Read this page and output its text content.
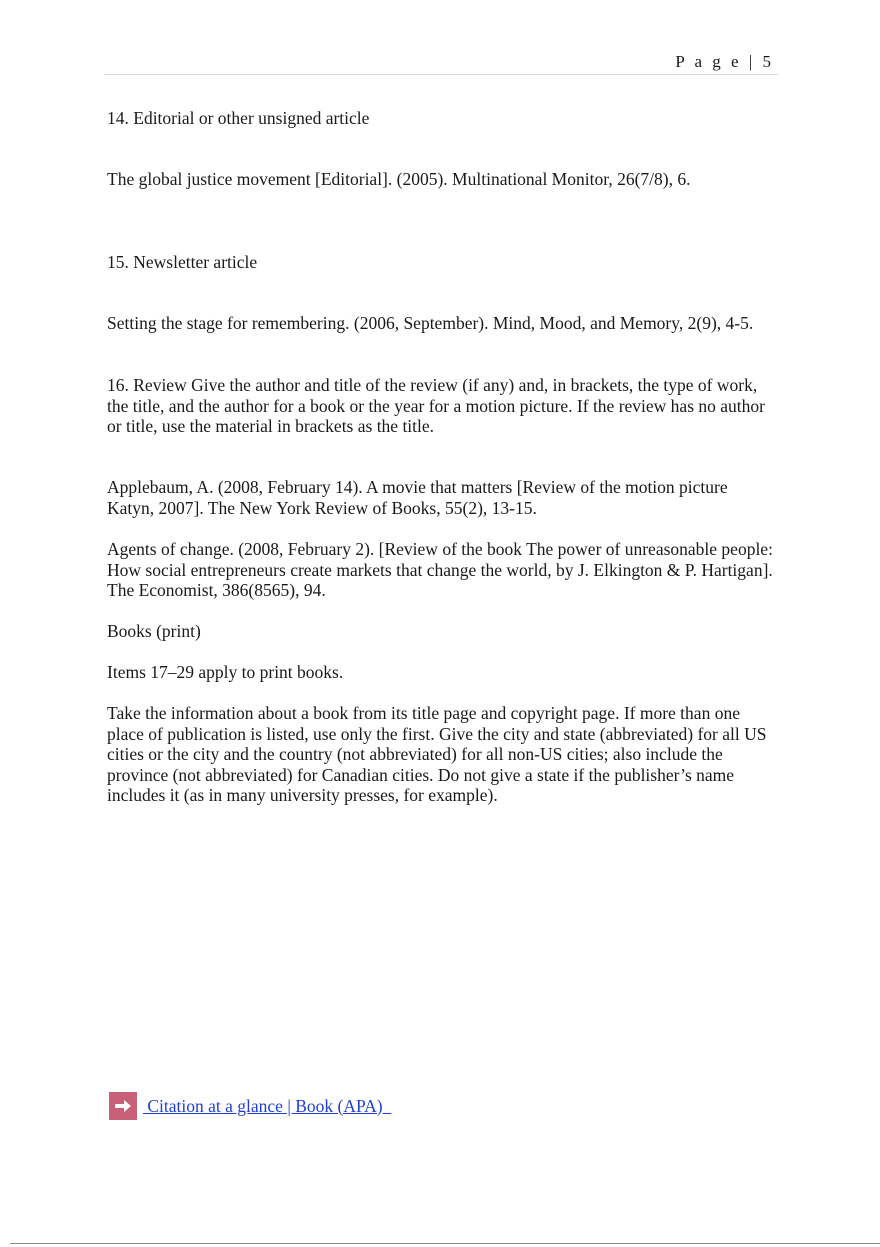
P a g e | 5

14. Editorial or other unsigned article

The global justice movement [Editorial]. (2005). Multinational Monitor, 26(7/8), 6.

15. Newsletter article

Setting the stage for remembering. (2006, September). Mind, Mood, and Memory, 2(9), 4-5.

16. Review Give the author and title of the review (if any) and, in brackets, the type of work, the title, and the author for a book or the year for a motion picture. If the review has no author or title, use the material in brackets as the title.

Applebaum, A. (2008, February 14). A movie that matters [Review of the motion picture Katyn, 2007]. The New York Review of Books, 55(2), 13-15.

Agents of change. (2008, February 2). [Review of the book The power of unreasonable people: How social entrepreneurs create markets that change the world, by J. Elkington & P. Hartigan]. The Economist, 386(8565), 94.

Books (print)

Items 17–29 apply to print books.

Take the information about a book from its title page and copyright page. If more than one place of publication is listed, use only the first. Give the city and state (abbreviated) for all US cities or the city and the country (not abbreviated) for all non-US cities; also include the province (not abbreviated) for Canadian cities. Do not give a state if the publisher’s name includes it (as in many university presses, for example).

Citation at a glance | Book (APA)
